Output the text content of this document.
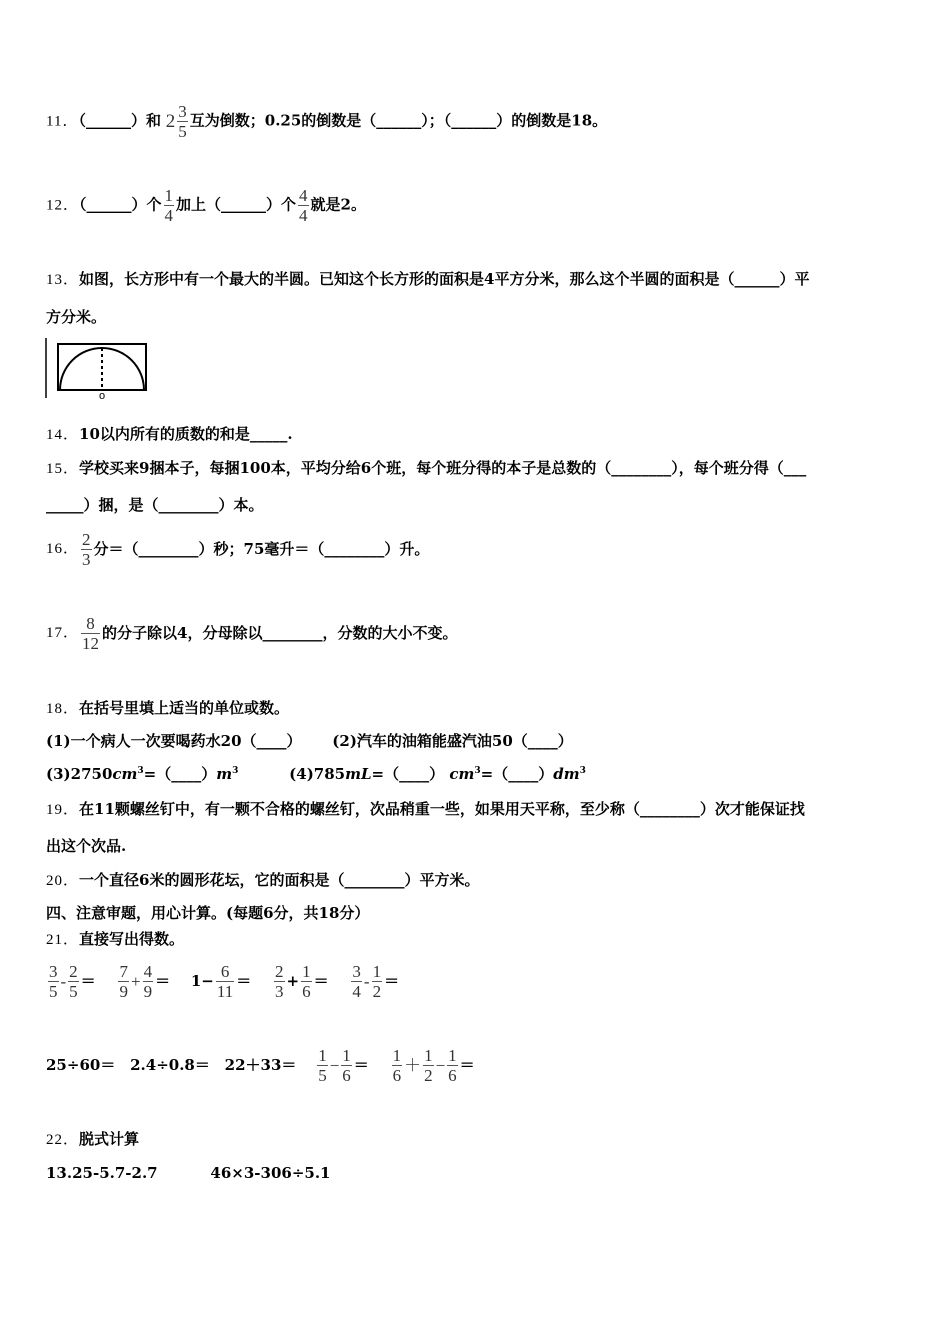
11．（______）和 $2 \frac{3}{5}$ 互为倒数；0.25的倒数是（______）；（______）的倒数是18。
12．（______）个 $\frac{1}{4}$ 加上（______）个 $\frac{4}{4}$ 就是2。
13．如图，长方形中有一个最大的半圆。已知这个长方形的面积是4平方分米，那么这个半圆的面积是（______）平
方分米。
o
14．10以内所有的质数的和是_____.
15．学校买来9捆本子，每捆100本，平均分给6个班，每个班分得的本子是总数的（________），每个班分得（___
_____）捆，是（________）本。
16． $\frac{2}{3}$ 分＝（________）秒；75毫升＝（________）升。
17． $\frac{8}{12}$ 的分子除以4，分母除以________，分数的大小不变。
18．在括号里填上适当的单位或数。
(1)一个病人一次要喝药水20（____） (2)汽车的油箱能盛汽油50（____）
$(3)2750cm^3=(\_\_\_\_)m^3$	(4)785mL=（____） $cm^3=(\_\_\_\_)dm^3$
19．在11颗螺丝钉中，有一颗不合格的螺丝钉，次品稍重一些，如果用天平称，至少称（________）次才能保证找
出这个次品.
20．一个直径6米的圆形花坛，它的面积是（________）平方米。
四、注意审题，用心计算。(每题6分，共18分）
21．直接写出得数。
$\frac{3}{5} - \frac{2}{5} = \frac{7}{9} + \frac{4}{9} = 1- \frac{6}{11} = \frac{2}{3} + \frac{1}{6} = \frac{3}{4} - \frac{1}{2}$ ＝
$25\div 60= 2.4\div 0.8= 22+33= \frac{1}{5} - \frac{1}{6} = \frac{1}{6} + \frac{1}{2} - \frac{1}{6}$ ＝
22．脱式计算
13.25-5.7-2.7	46×3-306÷5.1
